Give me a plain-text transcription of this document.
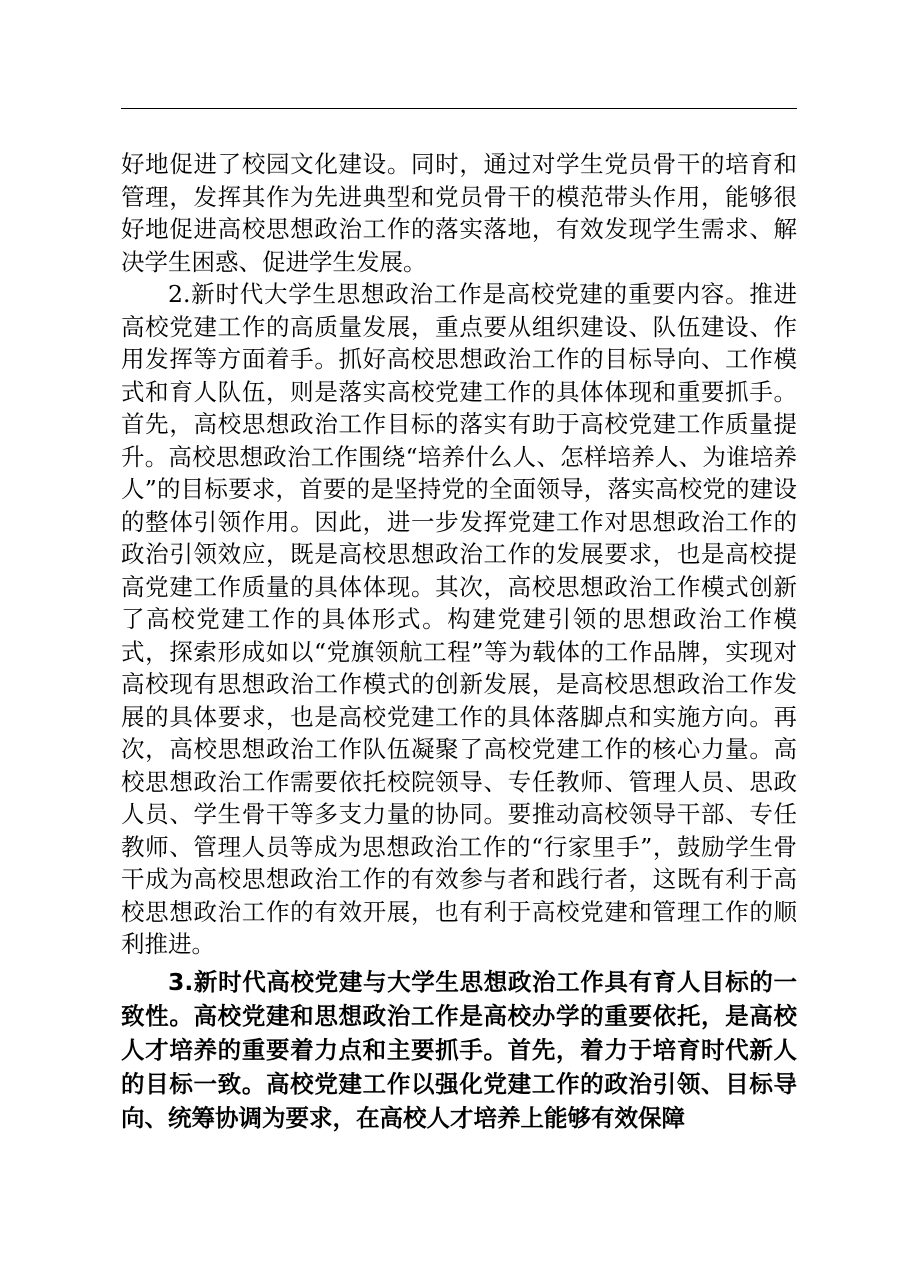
好地促进了校园文化建设。同时，通过对学生党员骨干的培育和管理，发挥其作为先进典型和党员骨干的模范带头作用，能够很好地促进高校思想政治工作的落实落地，有效发现学生需求、解决学生困惑、促进学生发展。

2.新时代大学生思想政治工作是高校党建的重要内容。推进高校党建工作的高质量发展，重点要从组织建设、队伍建设、作用发挥等方面着手。抓好高校思想政治工作的目标导向、工作模式和育人队伍，则是落实高校党建工作的具体体现和重要抓手。首先，高校思想政治工作目标的落实有助于高校党建工作质量提升。高校思想政治工作围绕“培养什么人、怎样培养人、为谁培养人”的目标要求，首要的是坚持党的全面领导，落实高校党的建设的整体引领作用。因此，进一步发挥党建工作对思想政治工作的政治引领效应，既是高校思想政治工作的发展要求，也是高校提高党建工作质量的具体体现。其次，高校思想政治工作模式创新了高校党建工作的具体形式。构建党建引领的思想政治工作模式，探索形成如以“党旗领航工程”等为载体的工作品牌，实现对高校现有思想政治工作模式的创新发展，是高校思想政治工作发展的具体要求，也是高校党建工作的具体落脚点和实施方向。再次，高校思想政治工作队伍凝聚了高校党建工作的核心力量。高校思想政治工作需要依托校院领导、专任教师、管理人员、思政人员、学生骨干等多支力量的协同。要推动高校领导干部、专任教师、管理人员等成为思想政治工作的“行家里手”，鼓励学生骨干成为高校思想政治工作的有效参与者和践行者，这既有利于高校思想政治工作的有效开展，也有利于高校党建和管理工作的顺利推进。

3.新时代高校党建与大学生思想政治工作具有育人目标的一致性。高校党建和思想政治工作是高校办学的重要依托，是高校人才培养的重要着力点和主要抓手。首先，着力于培育时代新人的目标一致。高校党建工作以强化党建工作的政治引领、目标导向、统筹协调为要求，在高校人才培养上能够有效保障
